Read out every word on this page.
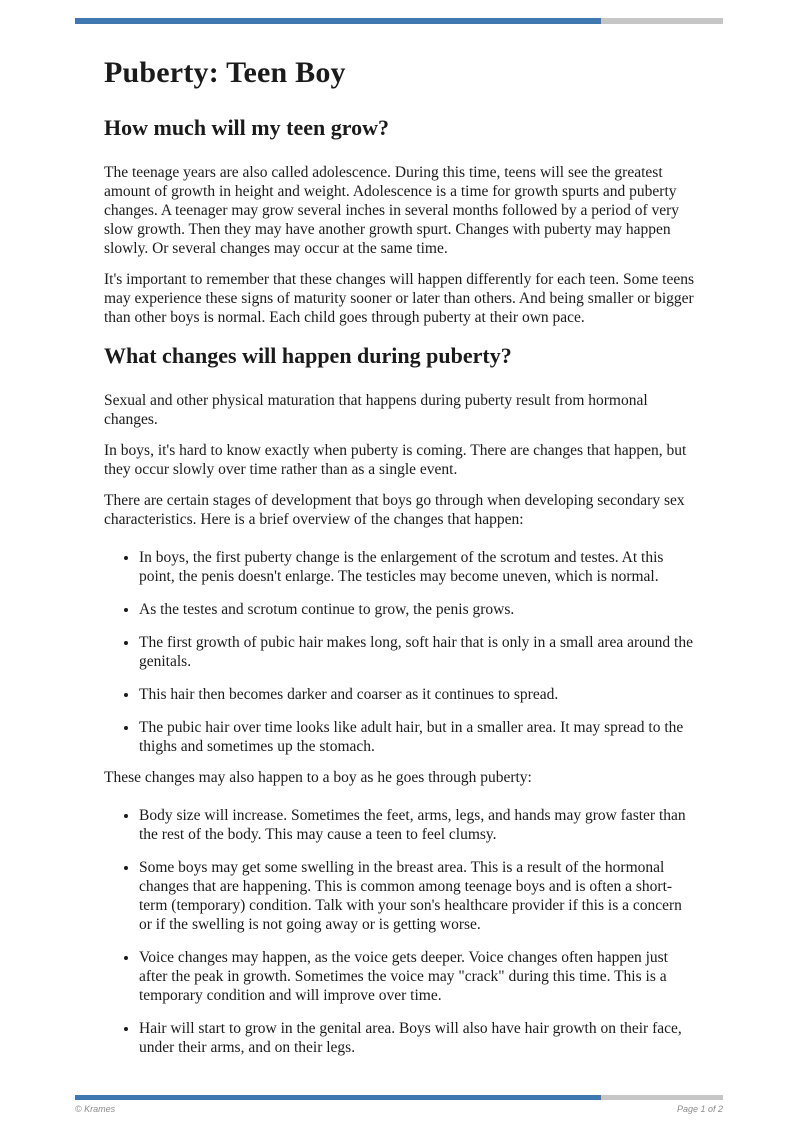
Puberty: Teen Boy
How much will my teen grow?

The teenage years are also called adolescence. During this time, teens will see the greatest amount of growth in height and weight. Adolescence is a time for growth spurts and puberty changes. A teenager may grow several inches in several months followed by a period of very slow growth. Then they may have another growth spurt. Changes with puberty may happen slowly. Or several changes may occur at the same time.

It's important to remember that these changes will happen differently for each teen. Some teens may experience these signs of maturity sooner or later than others. And being smaller or bigger than other boys is normal. Each child goes through puberty at their own pace.

What changes will happen during puberty?

Sexual and other physical maturation that happens during puberty result from hormonal changes.

In boys, it's hard to know exactly when puberty is coming. There are changes that happen, but they occur slowly over time rather than as a single event.

There are certain stages of development that boys go through when developing secondary sex characteristics. Here is a brief overview of the changes that happen:

• In boys, the first puberty change is the enlargement of the scrotum and testes. At this point, the penis doesn't enlarge. The testicles may become uneven, which is normal.
• As the testes and scrotum continue to grow, the penis grows.
• The first growth of pubic hair makes long, soft hair that is only in a small area around the genitals.
• This hair then becomes darker and coarser as it continues to spread.
• The pubic hair over time looks like adult hair, but in a smaller area. It may spread to the thighs and sometimes up the stomach.

These changes may also happen to a boy as he goes through puberty:

• Body size will increase. Sometimes the feet, arms, legs, and hands may grow faster than the rest of the body. This may cause a teen to feel clumsy.
• Some boys may get some swelling in the breast area. This is a result of the hormonal changes that are happening. This is common among teenage boys and is often a short-term (temporary) condition. Talk with your son's healthcare provider if this is a concern or if the swelling is not going away or is getting worse.
• Voice changes may happen, as the voice gets deeper. Voice changes often happen just after the peak in growth. Sometimes the voice may "crack" during this time. This is a temporary condition and will improve over time.
• Hair will start to grow in the genital area. Boys will also have hair growth on their face, under their arms, and on their legs.
© Krames	Page 1 of 2
